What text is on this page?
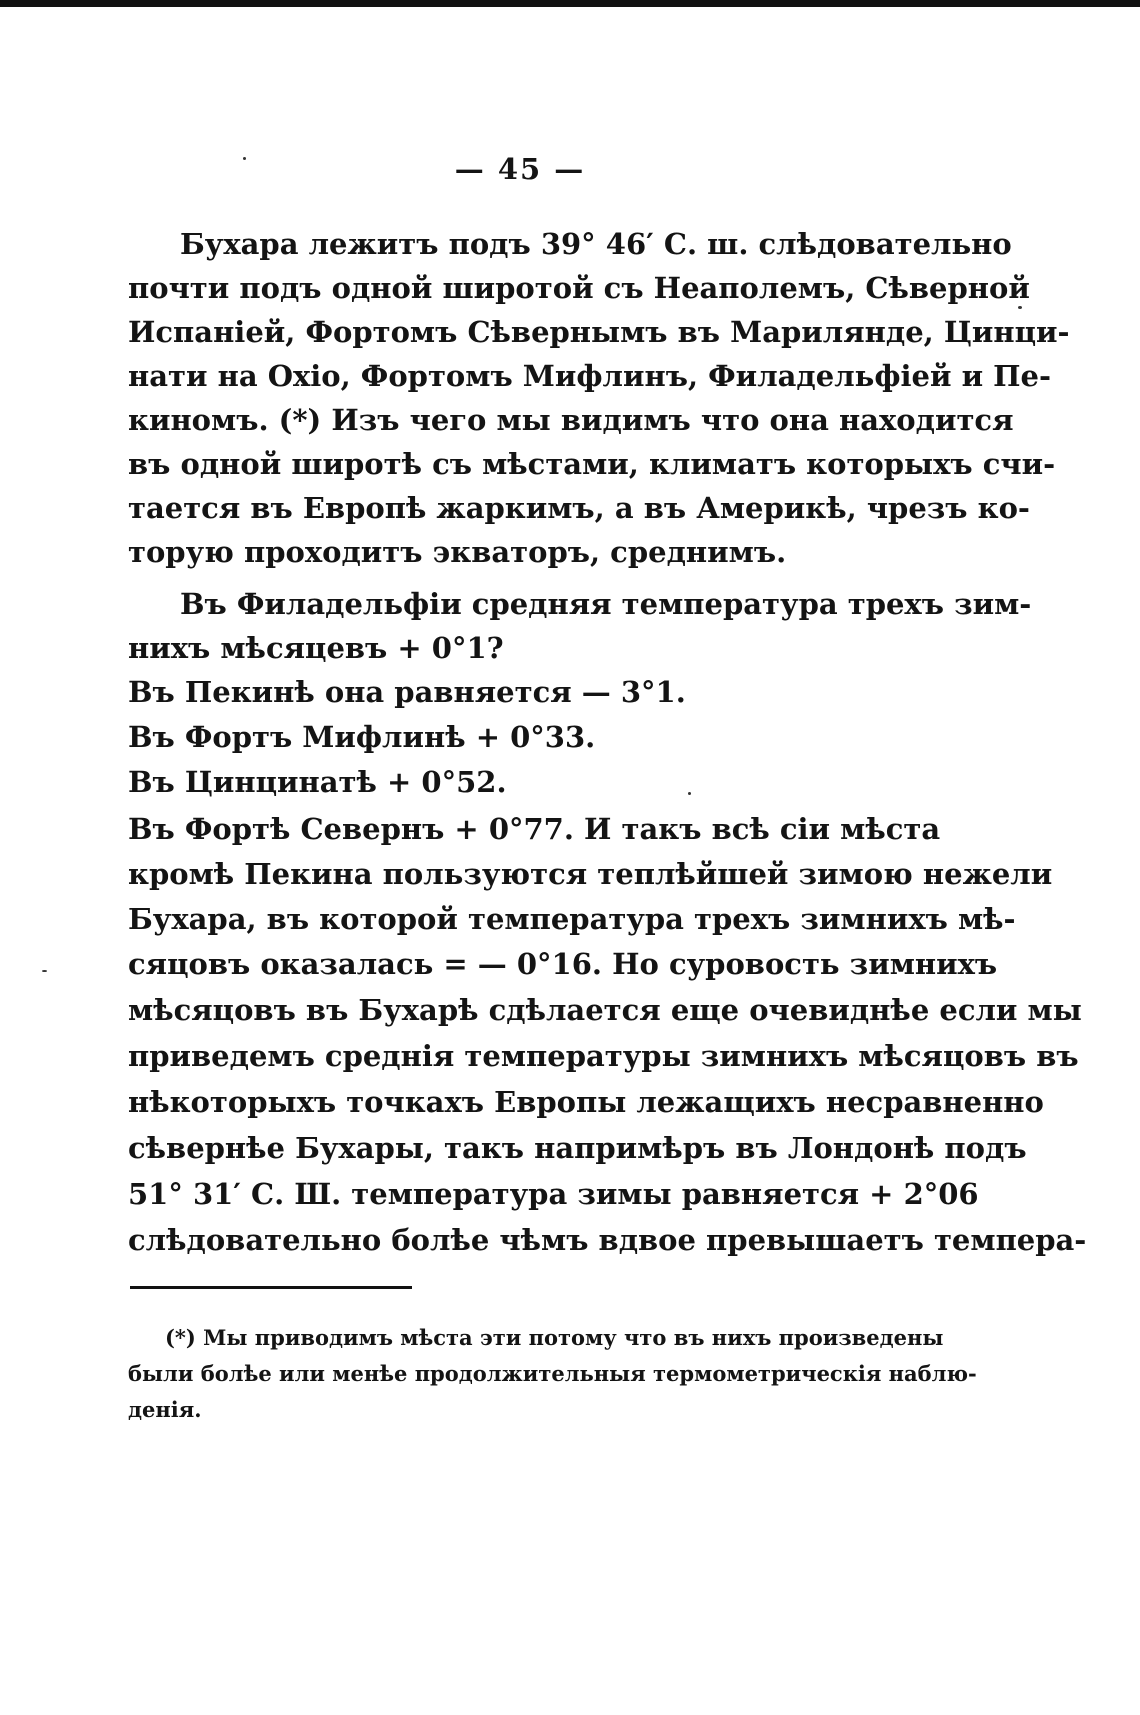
— 45 —
Бухара лежитъ подъ 39° 46′ С. ш. слѣдовательно
почти подъ одной широтой съ Неаполемъ, Сѣверной
Испаніей, Фортомъ Сѣвернымъ въ Марилянде, Цинци-
нати на Охіо, Фортомъ Мифлинъ, Филадельфіей и Пе-
киномъ. (*) Изъ чего мы видимъ что она находится
въ одной широтѣ съ мѣстами, климатъ которыхъ счи-
тается въ Европѣ жаркимъ, а въ Америкѣ, чрезъ ко-
торую проходитъ экваторъ, среднимъ.
Въ Филадельфіи средняя температура трехъ зим-
нихъ мѣсяцевъ + 0°1?
Въ Пекинѣ она равняется — 3°1.
Въ Фортъ Мифлинѣ + 0°33.
Въ Цинцинатѣ + 0°52.
Въ Фортѣ Севернъ + 0°77. И такъ всѣ сіи мѣста
кромѣ Пекина пользуются теплѣйшей зимою нежели
Бухара, въ которой температура трехъ зимнихъ мѣ-
сяцовъ оказалась = — 0°16. Но суровость зимнихъ
мѣсяцовъ въ Бухарѣ сдѣлается еще очевиднѣе если мы
приведемъ среднія температуры зимнихъ мѣсяцовъ въ
нѣкоторыхъ точкахъ Европы лежащихъ несравненно
сѣвернѣе Бухары, такъ напримѣръ въ Лондонѣ подъ
51° 31′ С. Ш. температура зимы равняется + 2°06
слѣдовательно болѣе чѣмъ вдвое превышаетъ темпера-
(*) Мы приводимъ мѣста эти потому что въ нихъ произведены
были болѣе или менѣе продолжительныя термометрическія наблю-
денія.
